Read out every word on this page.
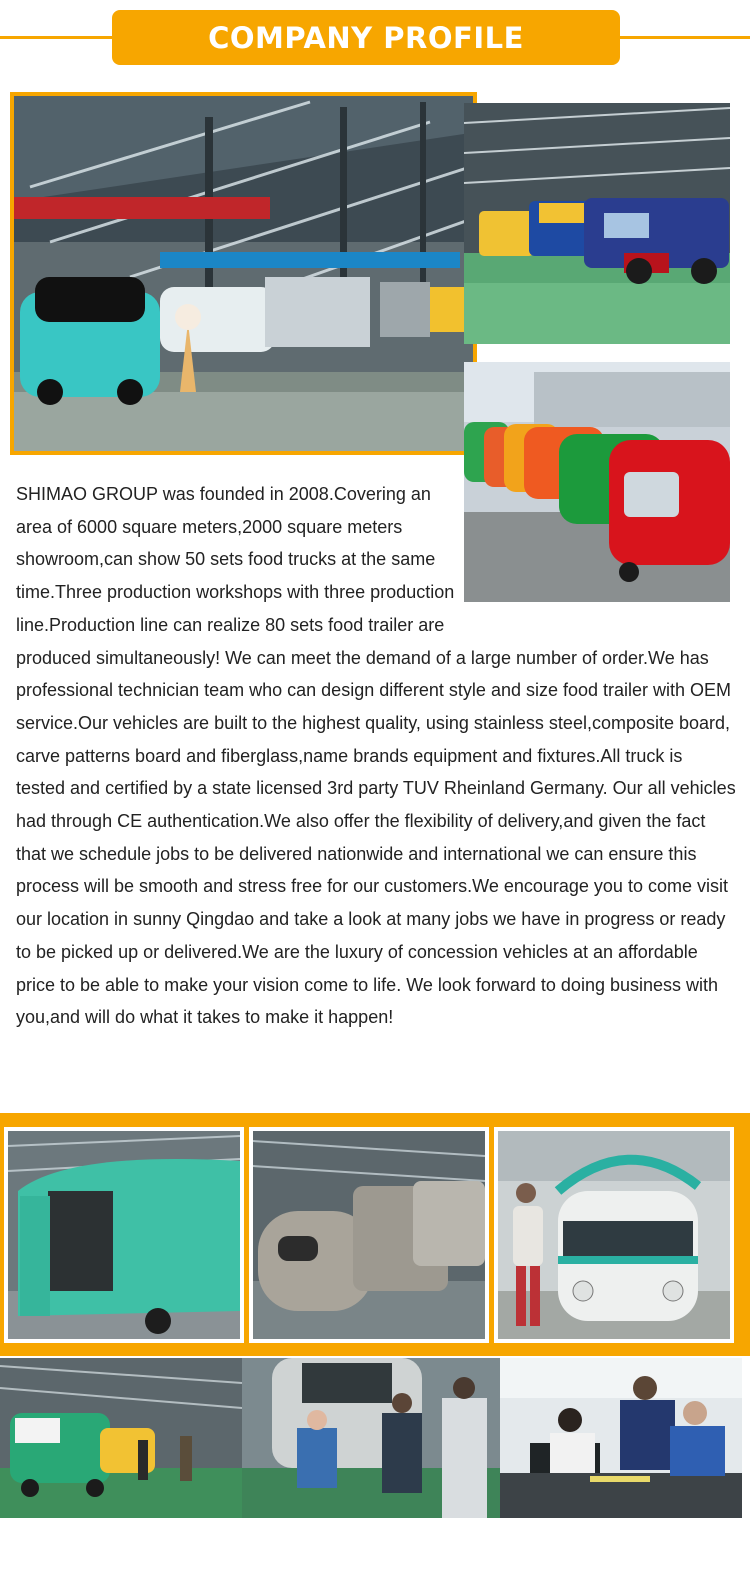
COMPANY PROFILE

SHIMAO GROUP was founded in 2008.Covering an area of 6000 square meters,2000 square meters showroom,can show 50 sets food trucks at the same time.Three production workshops with three production line.Production line can realize 80 sets food trailer are produced simultaneously! We can meet the demand of a large number of order.We has professional technician team who can design different style and size food trailer with OEM service.Our vehicles are built to the highest quality, using stainless steel,composite board, carve patterns board and fiberglass,name brands equipment and fixtures.All truck is tested and certified by a state licensed 3rd party TUV Rheinland Germany. Our all vehicles had through CE authentication.We also offer the flexibility of delivery,and given the fact that we schedule jobs to be delivered nationwide and international we can ensure this process will be smooth and stress free for our customers.We encourage you to come visit our location in sunny Qingdao and take a look at many jobs we have in progress or ready to be picked up or delivered.We are the luxury of concession vehicles at an affordable price to be able to make your vision come to life. We look forward to doing business with you,and will do what it takes to make it happen!
